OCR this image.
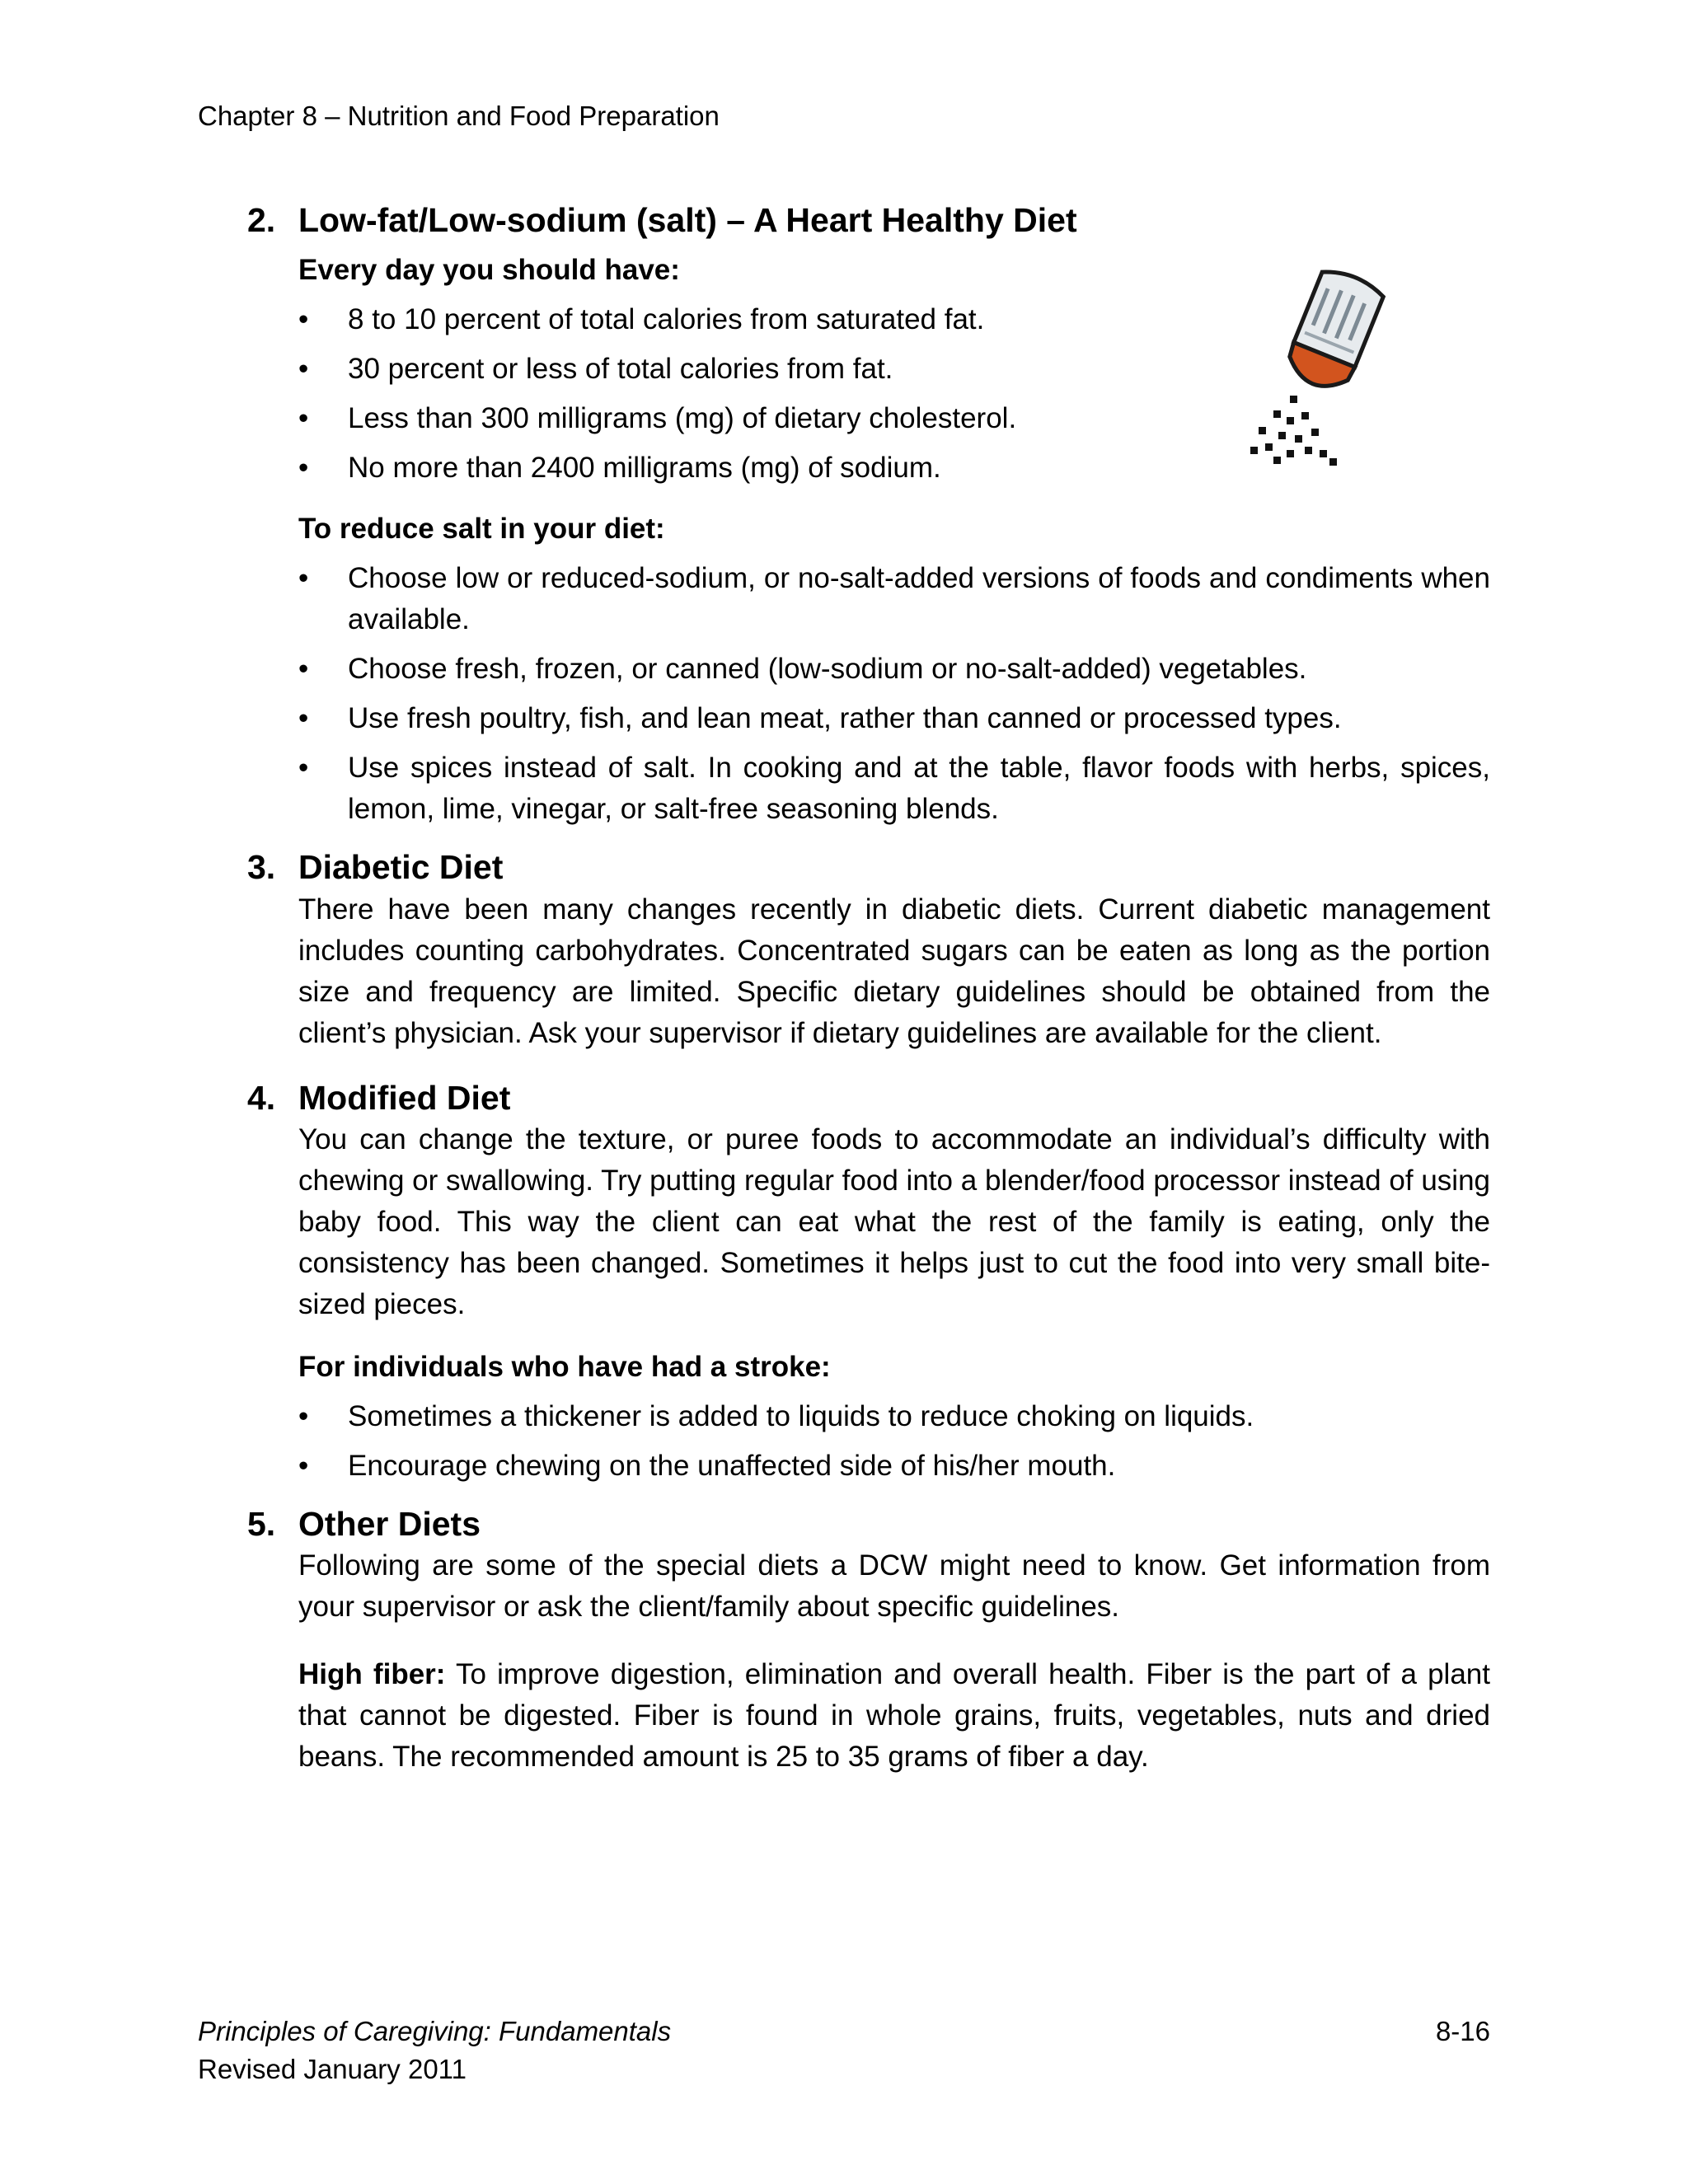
Chapter 8 – Nutrition and Food Preparation
2. Low-fat/Low-sodium (salt) – A Heart Healthy Diet
Every day you should have:
• 8 to 10 percent of total calories from saturated fat.
• 30 percent or less of total calories from fat.
• Less than 300 milligrams (mg) of dietary cholesterol.
• No more than 2400 milligrams (mg) of sodium.
To reduce salt in your diet:
• Choose low or reduced-sodium, or no-salt-added versions of foods and condiments when available.
• Choose fresh, frozen, or canned (low-sodium or no-salt-added) vegetables.
• Use fresh poultry, fish, and lean meat, rather than canned or processed types.
• Use spices instead of salt. In cooking and at the table, flavor foods with herbs, spices, lemon, lime, vinegar, or salt-free seasoning blends.
3. Diabetic Diet

There have been many changes recently in diabetic diets. Current diabetic management includes counting carbohydrates. Concentrated sugars can be eaten as long as the portion size and frequency are limited. Specific dietary guidelines should be obtained from the client’s physician. Ask your supervisor if dietary guidelines are available for the client.

4. Modified Diet

You can change the texture, or puree foods to accommodate an individual’s difficulty with chewing or swallowing. Try putting regular food into a blender/food processor instead of using baby food. This way the client can eat what the rest of the family is eating, only the consistency has been changed. Sometimes it helps just to cut the food into very small bite-sized pieces.

For individuals who have had a stroke:
• Sometimes a thickener is added to liquids to reduce choking on liquids.
• Encourage chewing on the unaffected side of his/her mouth.
5. Other Diets

Following are some of the special diets a DCW might need to know. Get information from your supervisor or ask the client/family about specific guidelines.

High fiber: To improve digestion, elimination and overall health. Fiber is the part of a plant that cannot be digested. Fiber is found in whole grains, fruits, vegetables, nuts and dried beans. The recommended amount is 25 to 35 grams of fiber a day.

Principles of Caregiving: Fundamentals
Revised January 2011
8-16
